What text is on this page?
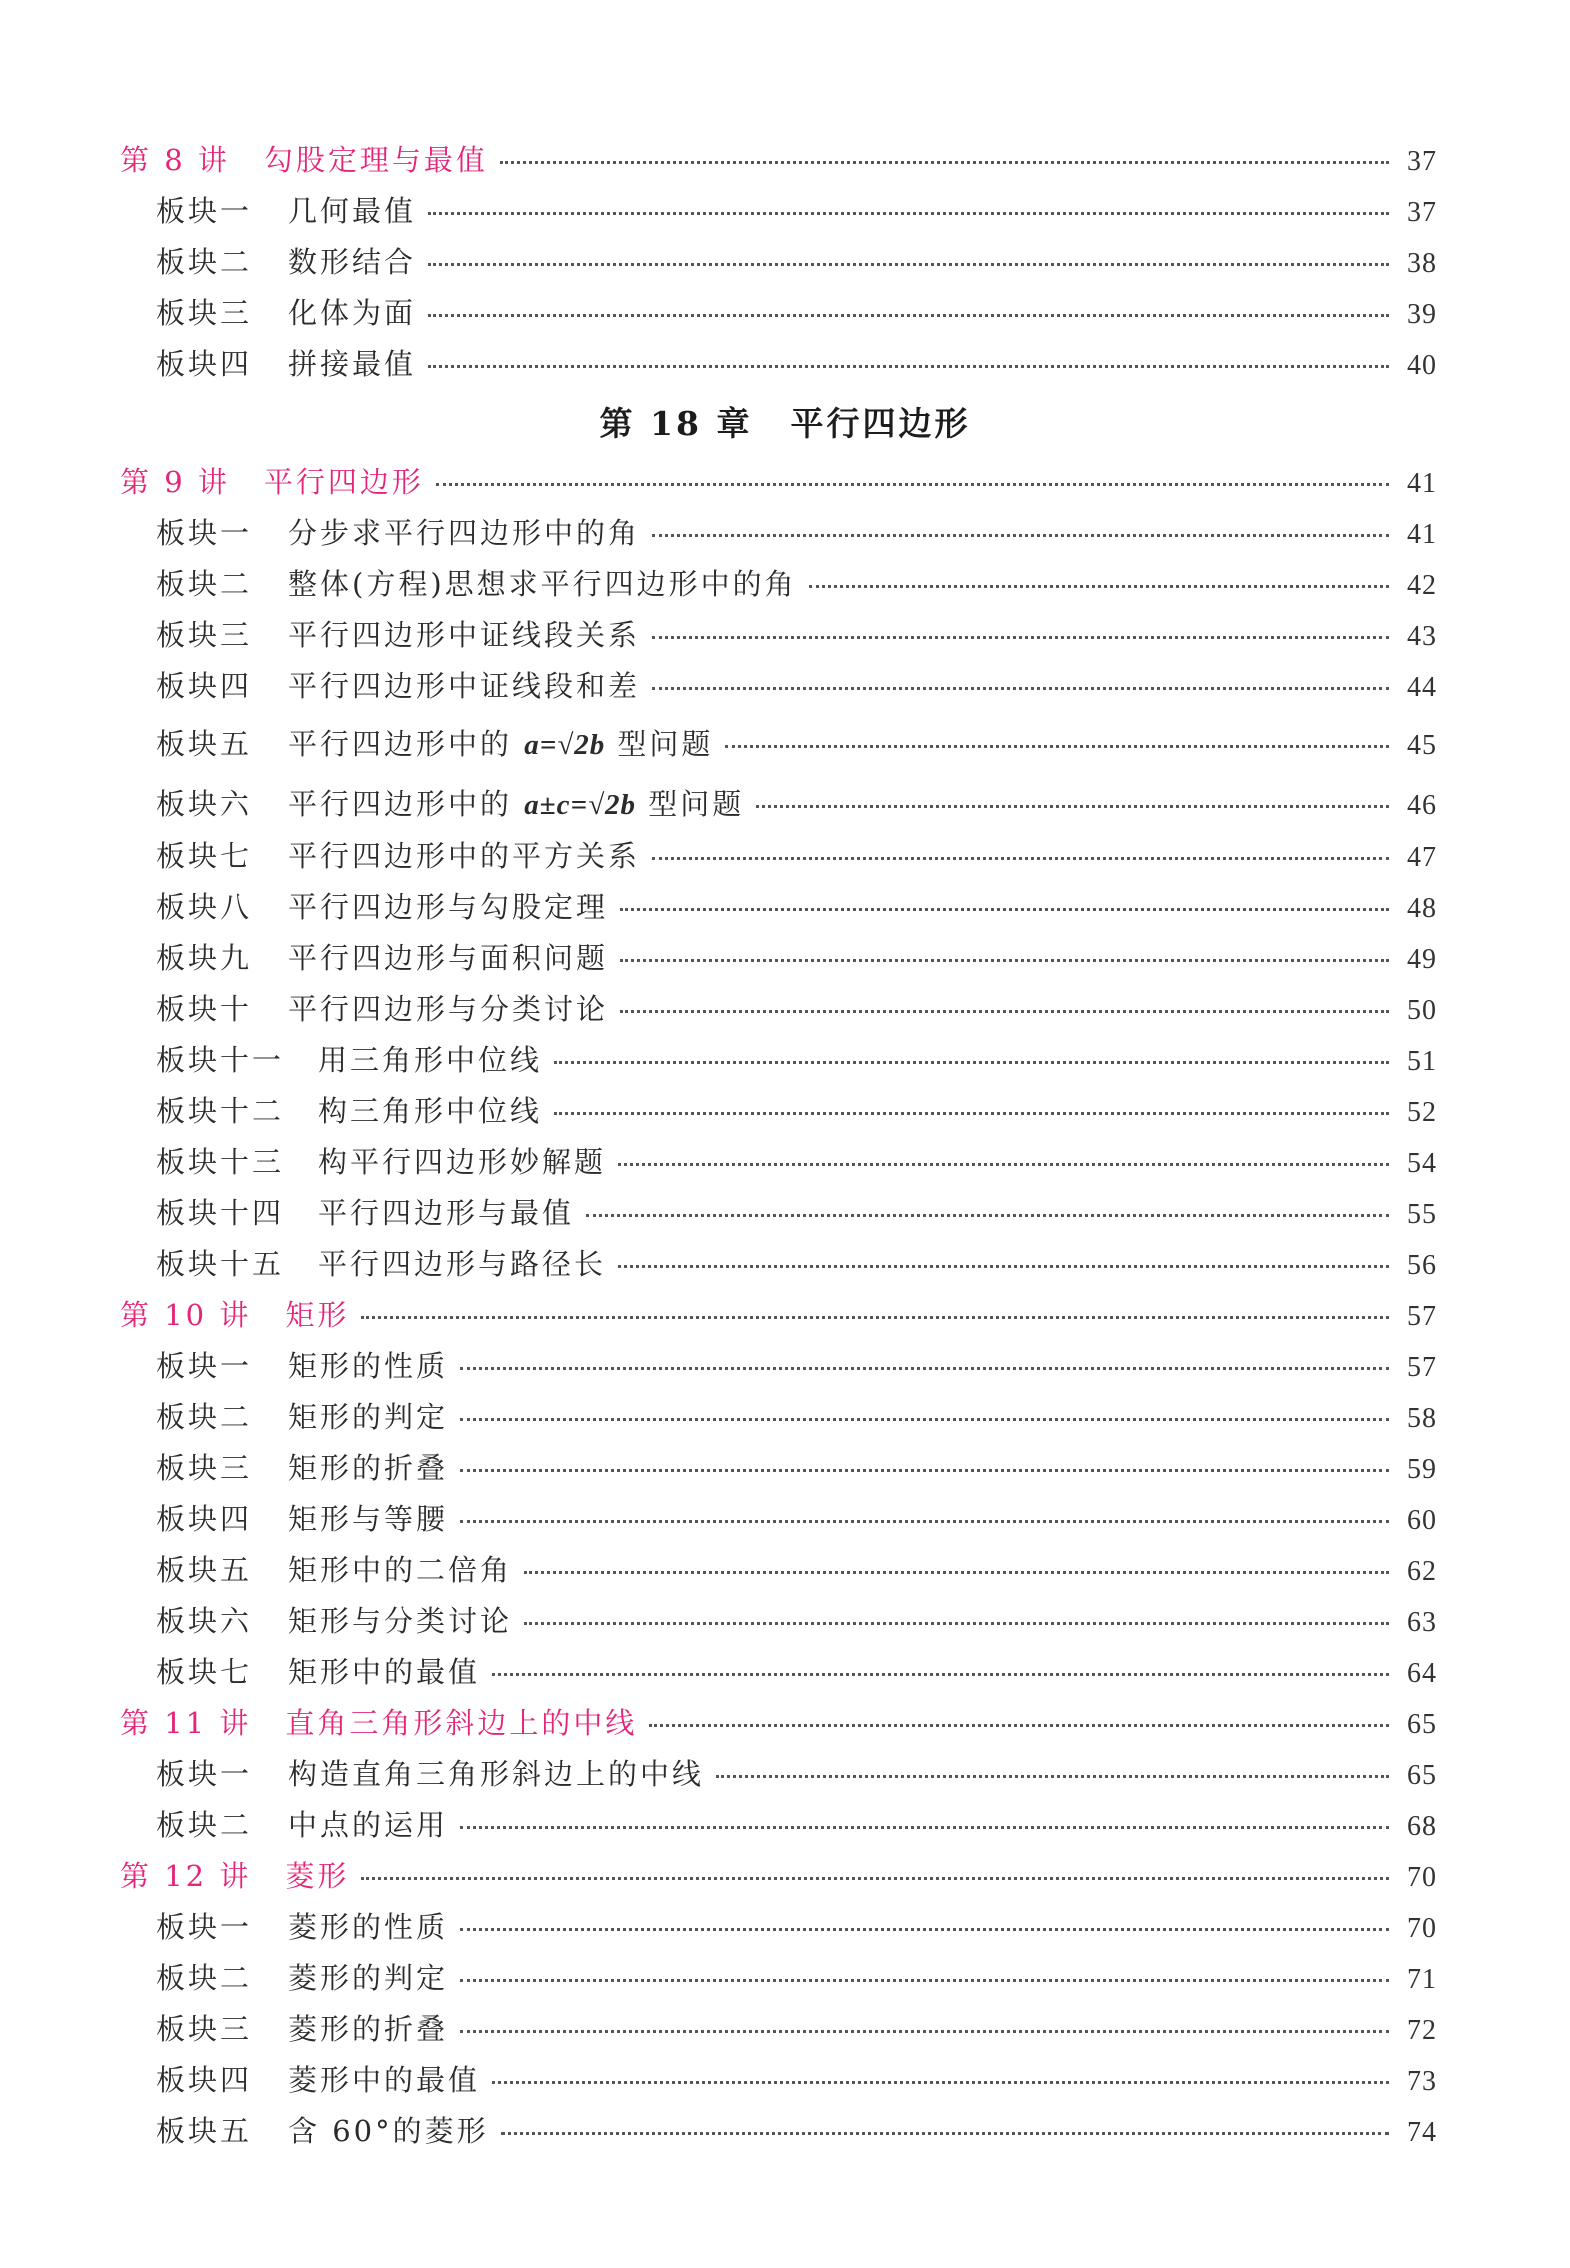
第 8 讲 勾股定理与最值	37
板块一 几何最值	37
板块二 数形结合	38
板块三 化体为面	39
板块四 拼接最值	40
第 18 章 平行四边形
第 9 讲 平行四边形	41
板块一 分步求平行四边形中的角	41
板块二 整体(方程)思想求平行四边形中的角	42
板块三 平行四边形中证线段关系	43
板块四 平行四边形中证线段和差	44
板块五 平行四边形中的 a=√2b 型问题	45
板块六 平行四边形中的 a±c=√2b 型问题	46
板块七 平行四边形中的平方关系	47
板块八 平行四边形与勾股定理	48
板块九 平行四边形与面积问题	49
板块十 平行四边形与分类讨论	50
板块十一 用三角形中位线	51
板块十二 构三角形中位线	52
板块十三 构平行四边形妙解题	54
板块十四 平行四边形与最值	55
板块十五 平行四边形与路径长	56
第 10 讲 矩形	57
板块一 矩形的性质	57
板块二 矩形的判定	58
板块三 矩形的折叠	59
板块四 矩形与等腰	60
板块五 矩形中的二倍角	62
板块六 矩形与分类讨论	63
板块七 矩形中的最值	64
第 11 讲 直角三角形斜边上的中线	65
板块一 构造直角三角形斜边上的中线	65
板块二 中点的运用	68
第 12 讲 菱形	70
板块一 菱形的性质	70
板块二 菱形的判定	71
板块三 菱形的折叠	72
板块四 菱形中的最值	73
板块五 含 60°的菱形	74
